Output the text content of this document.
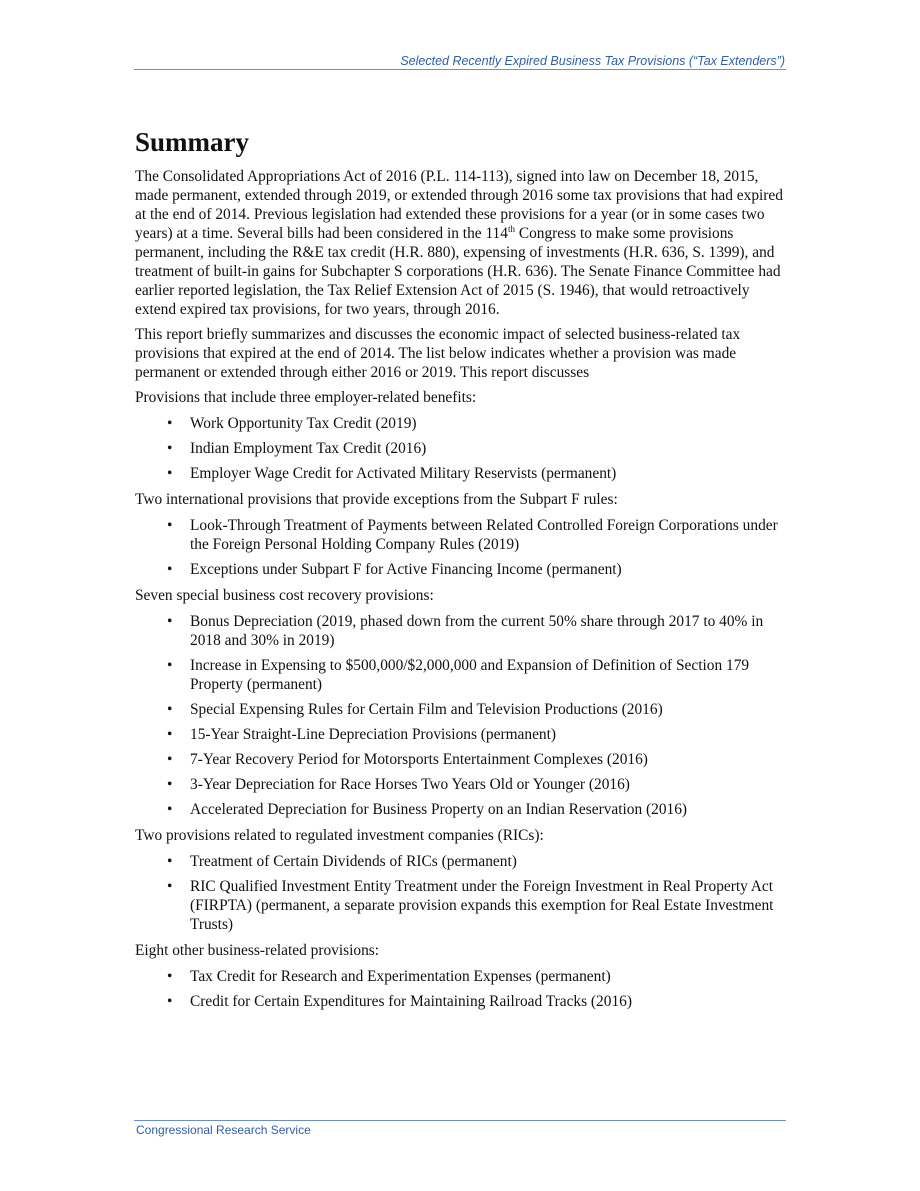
Selected Recently Expired Business Tax Provisions (“Tax Extenders”)
Summary

The Consolidated Appropriations Act of 2016 (P.L. 114-113), signed into law on December 18, 2015, made permanent, extended through 2019, or extended through 2016 some tax provisions that had expired at the end of 2014. Previous legislation had extended these provisions for a year (or in some cases two years) at a time. Several bills had been considered in the 114th Congress to make some provisions permanent, including the R&E tax credit (H.R. 880), expensing of investments (H.R. 636, S. 1399), and treatment of built-in gains for Subchapter S corporations (H.R. 636). The Senate Finance Committee had earlier reported legislation, the Tax Relief Extension Act of 2015 (S. 1946), that would retroactively extend expired tax provisions, for two years, through 2016.

This report briefly summarizes and discusses the economic impact of selected business-related tax provisions that expired at the end of 2014. The list below indicates whether a provision was made permanent or extended through either 2016 or 2019. This report discusses

Provisions that include three employer-related benefits:

• Work Opportunity Tax Credit (2019)
• Indian Employment Tax Credit (2016)
• Employer Wage Credit for Activated Military Reservists (permanent)

Two international provisions that provide exceptions from the Subpart F rules:

• Look-Through Treatment of Payments between Related Controlled Foreign Corporations under the Foreign Personal Holding Company Rules (2019)
• Exceptions under Subpart F for Active Financing Income (permanent)

Seven special business cost recovery provisions:

• Bonus Depreciation (2019, phased down from the current 50% share through 2017 to 40% in 2018 and 30% in 2019)
• Increase in Expensing to $500,000/$2,000,000 and Expansion of Definition of Section 179 Property (permanent)
• Special Expensing Rules for Certain Film and Television Productions (2016)
• 15-Year Straight-Line Depreciation Provisions (permanent)
• 7-Year Recovery Period for Motorsports Entertainment Complexes (2016)
• 3-Year Depreciation for Race Horses Two Years Old or Younger (2016)
• Accelerated Depreciation for Business Property on an Indian Reservation (2016)

Two provisions related to regulated investment companies (RICs):

• Treatment of Certain Dividends of RICs (permanent)
• RIC Qualified Investment Entity Treatment under the Foreign Investment in Real Property Act (FIRPTA) (permanent, a separate provision expands this exemption for Real Estate Investment Trusts)

Eight other business-related provisions:

• Tax Credit for Research and Experimentation Expenses (permanent)
• Credit for Certain Expenditures for Maintaining Railroad Tracks (2016)
Congressional Research Service
